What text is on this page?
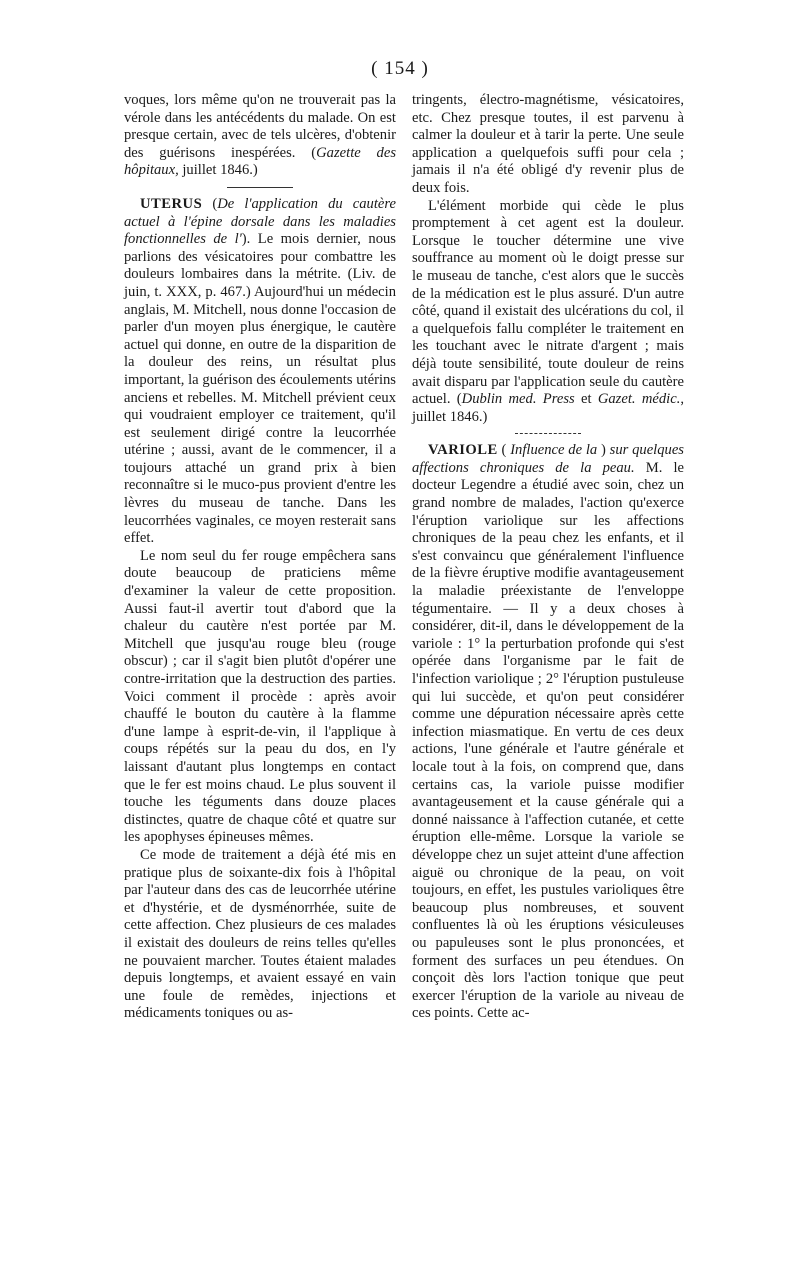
( 154 )

voques, lors même qu'on ne trouverait pas la vérole dans les antécédents du malade. On est presque certain, avec de tels ulcères, d'obtenir des guérisons inespérées. (Gazette des hôpitaux, juillet 1846.)

UTERUS (De l'application du cautère actuel à l'épine dorsale dans les maladies fonctionnelles de l'). Le mois dernier, nous parlions des vésicatoires pour combattre les douleurs lombaires dans la métrite. (Liv. de juin, t. XXX, p. 467.) Aujourd'hui un médecin anglais, M. Mitchell, nous donne l'occasion de parler d'un moyen plus énergique, le cautère actuel qui donne, en outre de la disparition de la douleur des reins, un résultat plus important, la guérison des écoulements utérins anciens et rebelles. M. Mitchell prévient ceux qui voudraient employer ce traitement, qu'il est seulement dirigé contre la leucorrhée utérine ; aussi, avant de le commencer, il a toujours attaché un grand prix à bien reconnaître si le muco-pus provient d'entre les lèvres du museau de tanche. Dans les leucorrhées vaginales, ce moyen resterait sans effet.

Le nom seul du fer rouge empêchera sans doute beaucoup de praticiens même d'examiner la valeur de cette proposition. Aussi faut-il avertir tout d'abord que la chaleur du cautère n'est portée par M. Mitchell que jusqu'au rouge bleu (rouge obscur) ; car il s'agit bien plutôt d'opérer une contre-irritation que la destruction des parties. Voici comment il procède : après avoir chauffé le bouton du cautère à la flamme d'une lampe à esprit-de-vin, il l'applique à coups répétés sur la peau du dos, en l'y laissant d'autant plus longtemps en contact que le fer est moins chaud. Le plus souvent il touche les téguments dans douze places distinctes, quatre de chaque côté et quatre sur les apophyses épineuses mêmes.

Ce mode de traitement a déjà été mis en pratique plus de soixante-dix fois à l'hôpital par l'auteur dans des cas de leucorrhée utérine et d'hystérie, et de dysménorrhée, suite de cette affection. Chez plusieurs de ces malades il existait des douleurs de reins telles qu'elles ne pouvaient marcher. Toutes étaient malades depuis longtemps, et avaient essayé en vain une foule de remèdes, injections et médicaments toniques ou as-

tringents, électro-magnétisme, vésicatoires, etc. Chez presque toutes, il est parvenu à calmer la douleur et à tarir la perte. Une seule application a quelquefois suffi pour cela ; jamais il n'a été obligé d'y revenir plus de deux fois.

L'élément morbide qui cède le plus promptement à cet agent est la douleur. Lorsque le toucher détermine une vive souffrance au moment où le doigt presse sur le museau de tanche, c'est alors que le succès de la médication est le plus assuré. D'un autre côté, quand il existait des ulcérations du col, il a quelquefois fallu compléter le traitement en les touchant avec le nitrate d'argent ; mais déjà toute sensibilité, toute douleur de reins avait disparu par l'application seule du cautère actuel. (Dublin med. Press et Gazet. médic., juillet 1846.)

VARIOLE ( Influence de la ) sur quelques affections chroniques de la peau. M. le docteur Legendre a étudié avec soin, chez un grand nombre de malades, l'action qu'exerce l'éruption variolique sur les affections chroniques de la peau chez les enfants, et il s'est convaincu que généralement l'influence de la fièvre éruptive modifie avantageusement la maladie préexistante de l'enveloppe tégumentaire. — Il y a deux choses à considérer, dit-il, dans le développement de la variole : 1° la perturbation profonde qui s'est opérée dans l'organisme par le fait de l'infection variolique ; 2° l'éruption pustuleuse qui lui succède, et qu'on peut considérer comme une dépuration nécessaire après cette infection miasmatique. En vertu de ces deux actions, l'une générale et l'autre générale et locale tout à la fois, on comprend que, dans certains cas, la variole puisse modifier avantageusement et la cause générale qui a donné naissance à l'affection cutanée, et cette éruption elle-même. Lorsque la variole se développe chez un sujet atteint d'une affection aiguë ou chronique de la peau, on voit toujours, en effet, les pustules varioliques être beaucoup plus nombreuses, et souvent confluentes là où les éruptions vésiculeuses ou papuleuses sont le plus prononcées, et forment des surfaces un peu étendues. On conçoit dès lors l'action tonique que peut exercer l'éruption de la variole au niveau de ces points. Cette ac-
